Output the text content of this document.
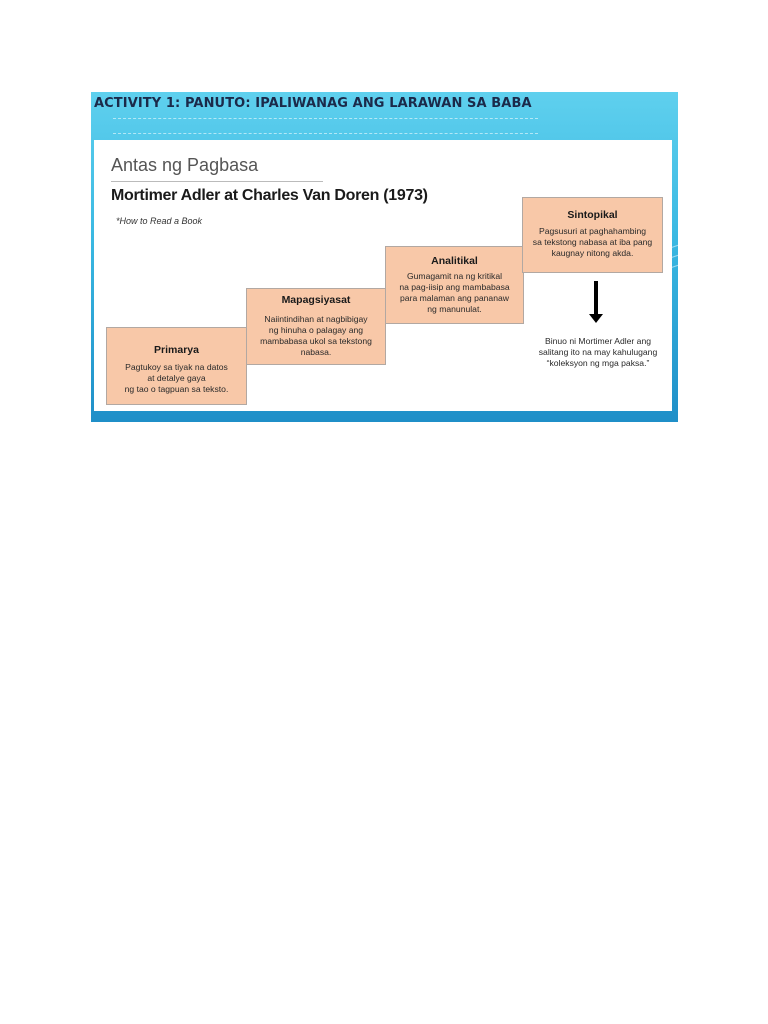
ACTIVITY 1: PANUTO: IPALIWANAG ANG LARAWAN SA BABA
Antas ng Pagbasa
Mortimer Adler at Charles Van Doren (1973)
*How to Read a Book
Primarya
Pagtukoy sa tiyak na datos
at detalye gaya
ng tao o tagpuan sa teksto.
Mapagsiyasat
Naiintindihan at nagbibigay
ng hinuha o palagay ang
mambabasa ukol sa tekstong
nabasa.
Analitikal
Gumagamit na ng kritikal
na pag-iisip ang mambabasa
para malaman ang pananaw
ng manunulat.
Sintopikal
Pagsusuri at paghahambing
sa tekstong nabasa at iba pang
kaugnay nitong akda.
Binuo ni Mortimer Adler ang
salitang ito na may kahulugang
“koleksyon ng mga paksa.”
